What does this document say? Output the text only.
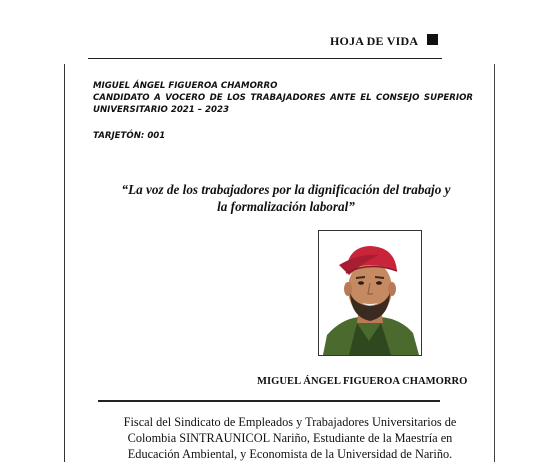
HOJA DE VIDA
MIGUEL ÁNGEL FIGUEROA CHAMORRO
CANDIDATO A VOCERO DE LOS TRABAJADORES ANTE EL CONSEJO SUPERIOR
UNIVERSITARIO 2021 – 2023
TARJETÓN: 001
“La voz de los trabajadores por la dignificación del trabajo y
la formalización laboral”
MIGUEL ÁNGEL FIGUEROA CHAMORRO
Fiscal del Sindicato de Empleados y Trabajadores Universitarios de
Colombia SINTRAUNICOL Nariño, Estudiante de la Maestría en
Educación Ambiental, y Economista de la Universidad de Nariño.
